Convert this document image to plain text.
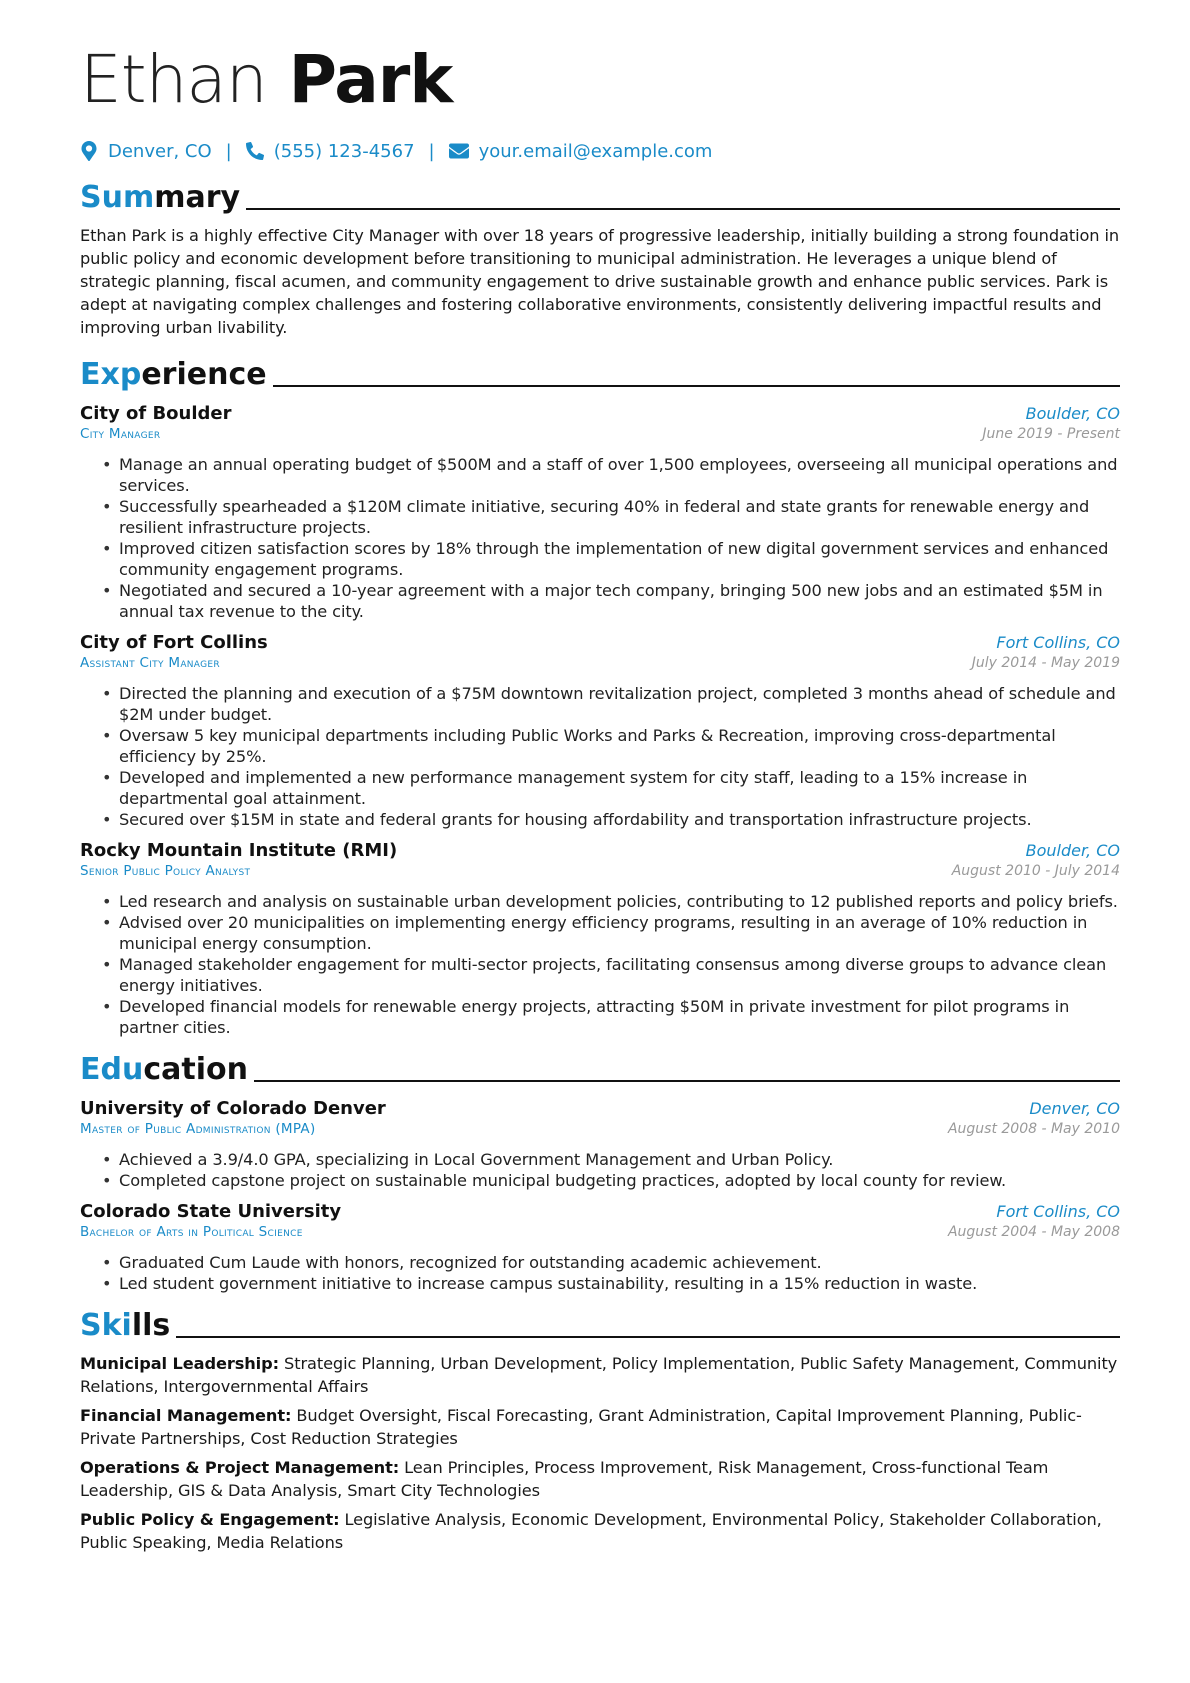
Ethan Park
Denver, CO | (555) 123-4567 | your.email@example.com
Summary

Ethan Park is a highly effective City Manager with over 18 years of progressive leadership, initially building a strong foundation in public policy and economic development before transitioning to municipal administration. He leverages a unique blend of strategic planning, fiscal acumen, and community engagement to drive sustainable growth and enhance public services. Park is adept at navigating complex challenges and fostering collaborative environments, consistently delivering impactful results and improving urban livability.

Experience
City of Boulder	Boulder, CO
City Manager	June 2019 - Present
• Manage an annual operating budget of $500M and a staff of over 1,500 employees, overseeing all municipal operations and services.
• Successfully spearheaded a $120M climate initiative, securing 40% in federal and state grants for renewable energy and resilient infrastructure projects.
• Improved citizen satisfaction scores by 18% through the implementation of new digital government services and enhanced community engagement programs.
• Negotiated and secured a 10-year agreement with a major tech company, bringing 500 new jobs and an estimated $5M in annual tax revenue to the city.
City of Fort Collins	Fort Collins, CO
Assistant City Manager	July 2014 - May 2019
• Directed the planning and execution of a $75M downtown revitalization project, completed 3 months ahead of schedule and $2M under budget.
• Oversaw 5 key municipal departments including Public Works and Parks & Recreation, improving cross-departmental efficiency by 25%.
• Developed and implemented a new performance management system for city staff, leading to a 15% increase in departmental goal attainment.
• Secured over $15M in state and federal grants for housing affordability and transportation infrastructure projects.
Rocky Mountain Institute (RMI)	Boulder, CO
Senior Public Policy Analyst	August 2010 - July 2014
• Led research and analysis on sustainable urban development policies, contributing to 12 published reports and policy briefs.
• Advised over 20 municipalities on implementing energy efficiency programs, resulting in an average of 10% reduction in municipal energy consumption.
• Managed stakeholder engagement for multi-sector projects, facilitating consensus among diverse groups to advance clean energy initiatives.
• Developed financial models for renewable energy projects, attracting $50M in private investment for pilot programs in partner cities.
Education
University of Colorado Denver	Denver, CO
Master of Public Administration (MPA)	August 2008 - May 2010
• Achieved a 3.9/4.0 GPA, specializing in Local Government Management and Urban Policy.
• Completed capstone project on sustainable municipal budgeting practices, adopted by local county for review.
Colorado State University	Fort Collins, CO
Bachelor of Arts in Political Science	August 2004 - May 2008
• Graduated Cum Laude with honors, recognized for outstanding academic achievement.
• Led student government initiative to increase campus sustainability, resulting in a 15% reduction in waste.
Skills
Municipal Leadership: Strategic Planning, Urban Development, Policy Implementation, Public Safety Management, Community Relations, Intergovernmental Affairs
Financial Management: Budget Oversight, Fiscal Forecasting, Grant Administration, Capital Improvement Planning, Public-Private Partnerships, Cost Reduction Strategies
Operations & Project Management: Lean Principles, Process Improvement, Risk Management, Cross-functional Team Leadership, GIS & Data Analysis, Smart City Technologies
Public Policy & Engagement: Legislative Analysis, Economic Development, Environmental Policy, Stakeholder Collaboration, Public Speaking, Media Relations
